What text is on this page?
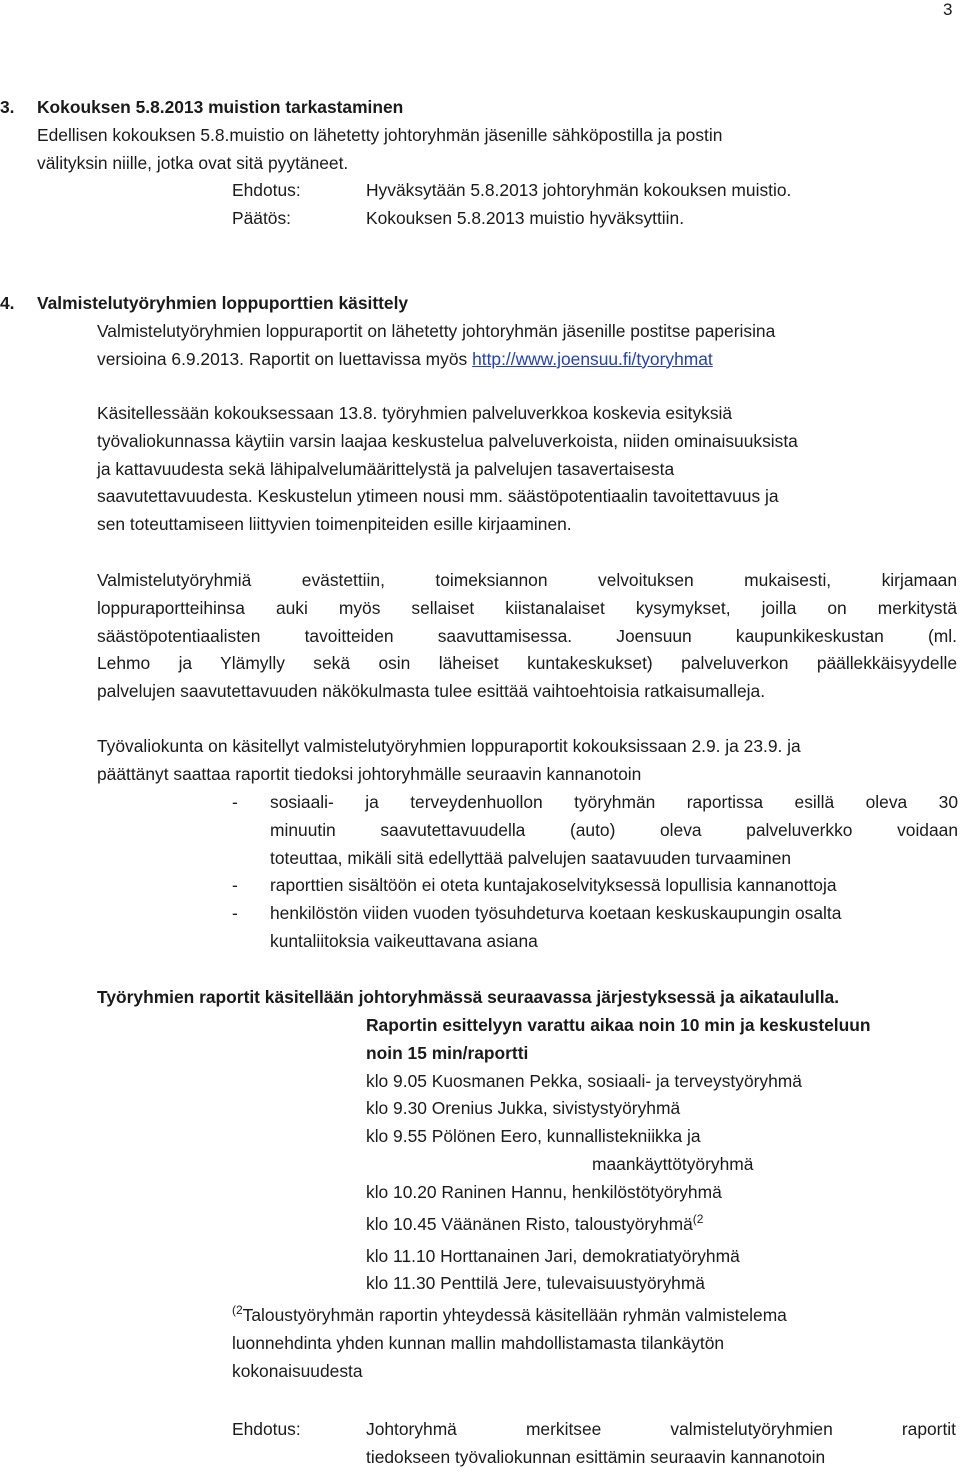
3
3. Kokouksen 5.8.2013 muistion tarkastaminen
Edellisen kokouksen 5.8.muistio on lähetetty johtoryhmän jäsenille sähköpostilla ja postin
välityksin niille, jotka ovat sitä pyytäneet.
Ehdotus:	Hyväksytään 5.8.2013 johtoryhmän kokouksen muistio.
Päätös:	Kokouksen 5.8.2013 muistio hyväksyttiin.
4. Valmistelutyöryhmien loppuporttien käsittely
Valmistelutyöryhmien loppuraportit on lähetetty johtoryhmän jäsenille postitse paperisina
versioina 6.9.2013. Raportit on luettavissa myös http://www.joensuu.fi/tyoryhmat
Käsitellessään kokouksessaan 13.8. työryhmien palveluverkkoa koskevia esityksiä
työvaliokunnassa käytiin varsin laajaa keskustelua palveluverkoista, niiden ominaisuuksista
ja kattavuudesta sekä lähipalvelumäärittelystä ja palvelujen tasavertaisesta
saavutettavuudesta. Keskustelun ytimeen nousi mm. säästöpotentiaalin tavoitettavuus ja
sen toteuttamiseen liittyvien toimenpiteiden esille kirjaaminen.
Valmistelutyöryhmiä evästettiin, toimeksiannon velvoituksen mukaisesti, kirjamaan
loppuraportteihinsa auki myös sellaiset kiistanalaiset kysymykset, joilla on merkitystä
säästöpotentiaalisten tavoitteiden saavuttamisessa. Joensuun kaupunkikeskustan (ml.
Lehmo ja Ylämylly sekä osin läheiset kuntakeskukset) palveluverkon päällekkäisyydelle
palvelujen saavutettavuuden näkökulmasta tulee esittää vaihtoehtoisia ratkaisumalleja.
Työvaliokunta on käsitellyt valmistelutyöryhmien loppuraportit kokouksissaan 2.9. ja 23.9. ja
päättänyt saattaa raportit tiedoksi johtoryhmälle seuraavin kannanotoin
- sosiaali- ja terveydenhuollon työryhmän raportissa esillä oleva 30
minuutin saavutettavuudella (auto) oleva palveluverkko voidaan
toteuttaa, mikäli sitä edellyttää palvelujen saatavuuden turvaaminen
- raporttien sisältöön ei oteta kuntajakoselvityksessä lopullisia kannanottoja
- henkilöstön viiden vuoden työsuhdeturva koetaan keskuskaupungin osalta
kuntaliitoksia vaikeuttavana asiana
Työryhmien raportit käsitellään johtoryhmässä seuraavassa järjestyksessä ja aikataululla.
Raportin esittelyyn varattu aikaa noin 10 min ja keskusteluun
noin 15 min/raportti
klo 9.05 Kuosmanen Pekka, sosiaali- ja terveystyöryhmä
klo 9.30 Orenius Jukka, sivistystyöryhmä
klo 9.55 Pölönen Eero, kunnallistekniikka ja
maankäyttötyöryhmä
klo 10.20 Raninen Hannu, henkilöstötyöryhmä
klo 10.45 Väänänen Risto, taloustyöryhmä$^{(2}$
klo 11.10 Horttanainen Jari, demokratiatyöryhmä
klo 11.30 Penttilä Jere, tulevaisuustyöryhmä
$^{(2}$Taloustyöryhmän raportin yhteydessä käsitellään ryhmän valmistelema
luonnehdinta yhden kunnan mallin mahdollistamasta tilankäytön
kokonaisuudesta
Ehdotus:	Johtoryhmä merkitsee valmistelutyöryhmien raportit
tiedokseen työvaliokunnan esittämin seuraavin kannanotoin
